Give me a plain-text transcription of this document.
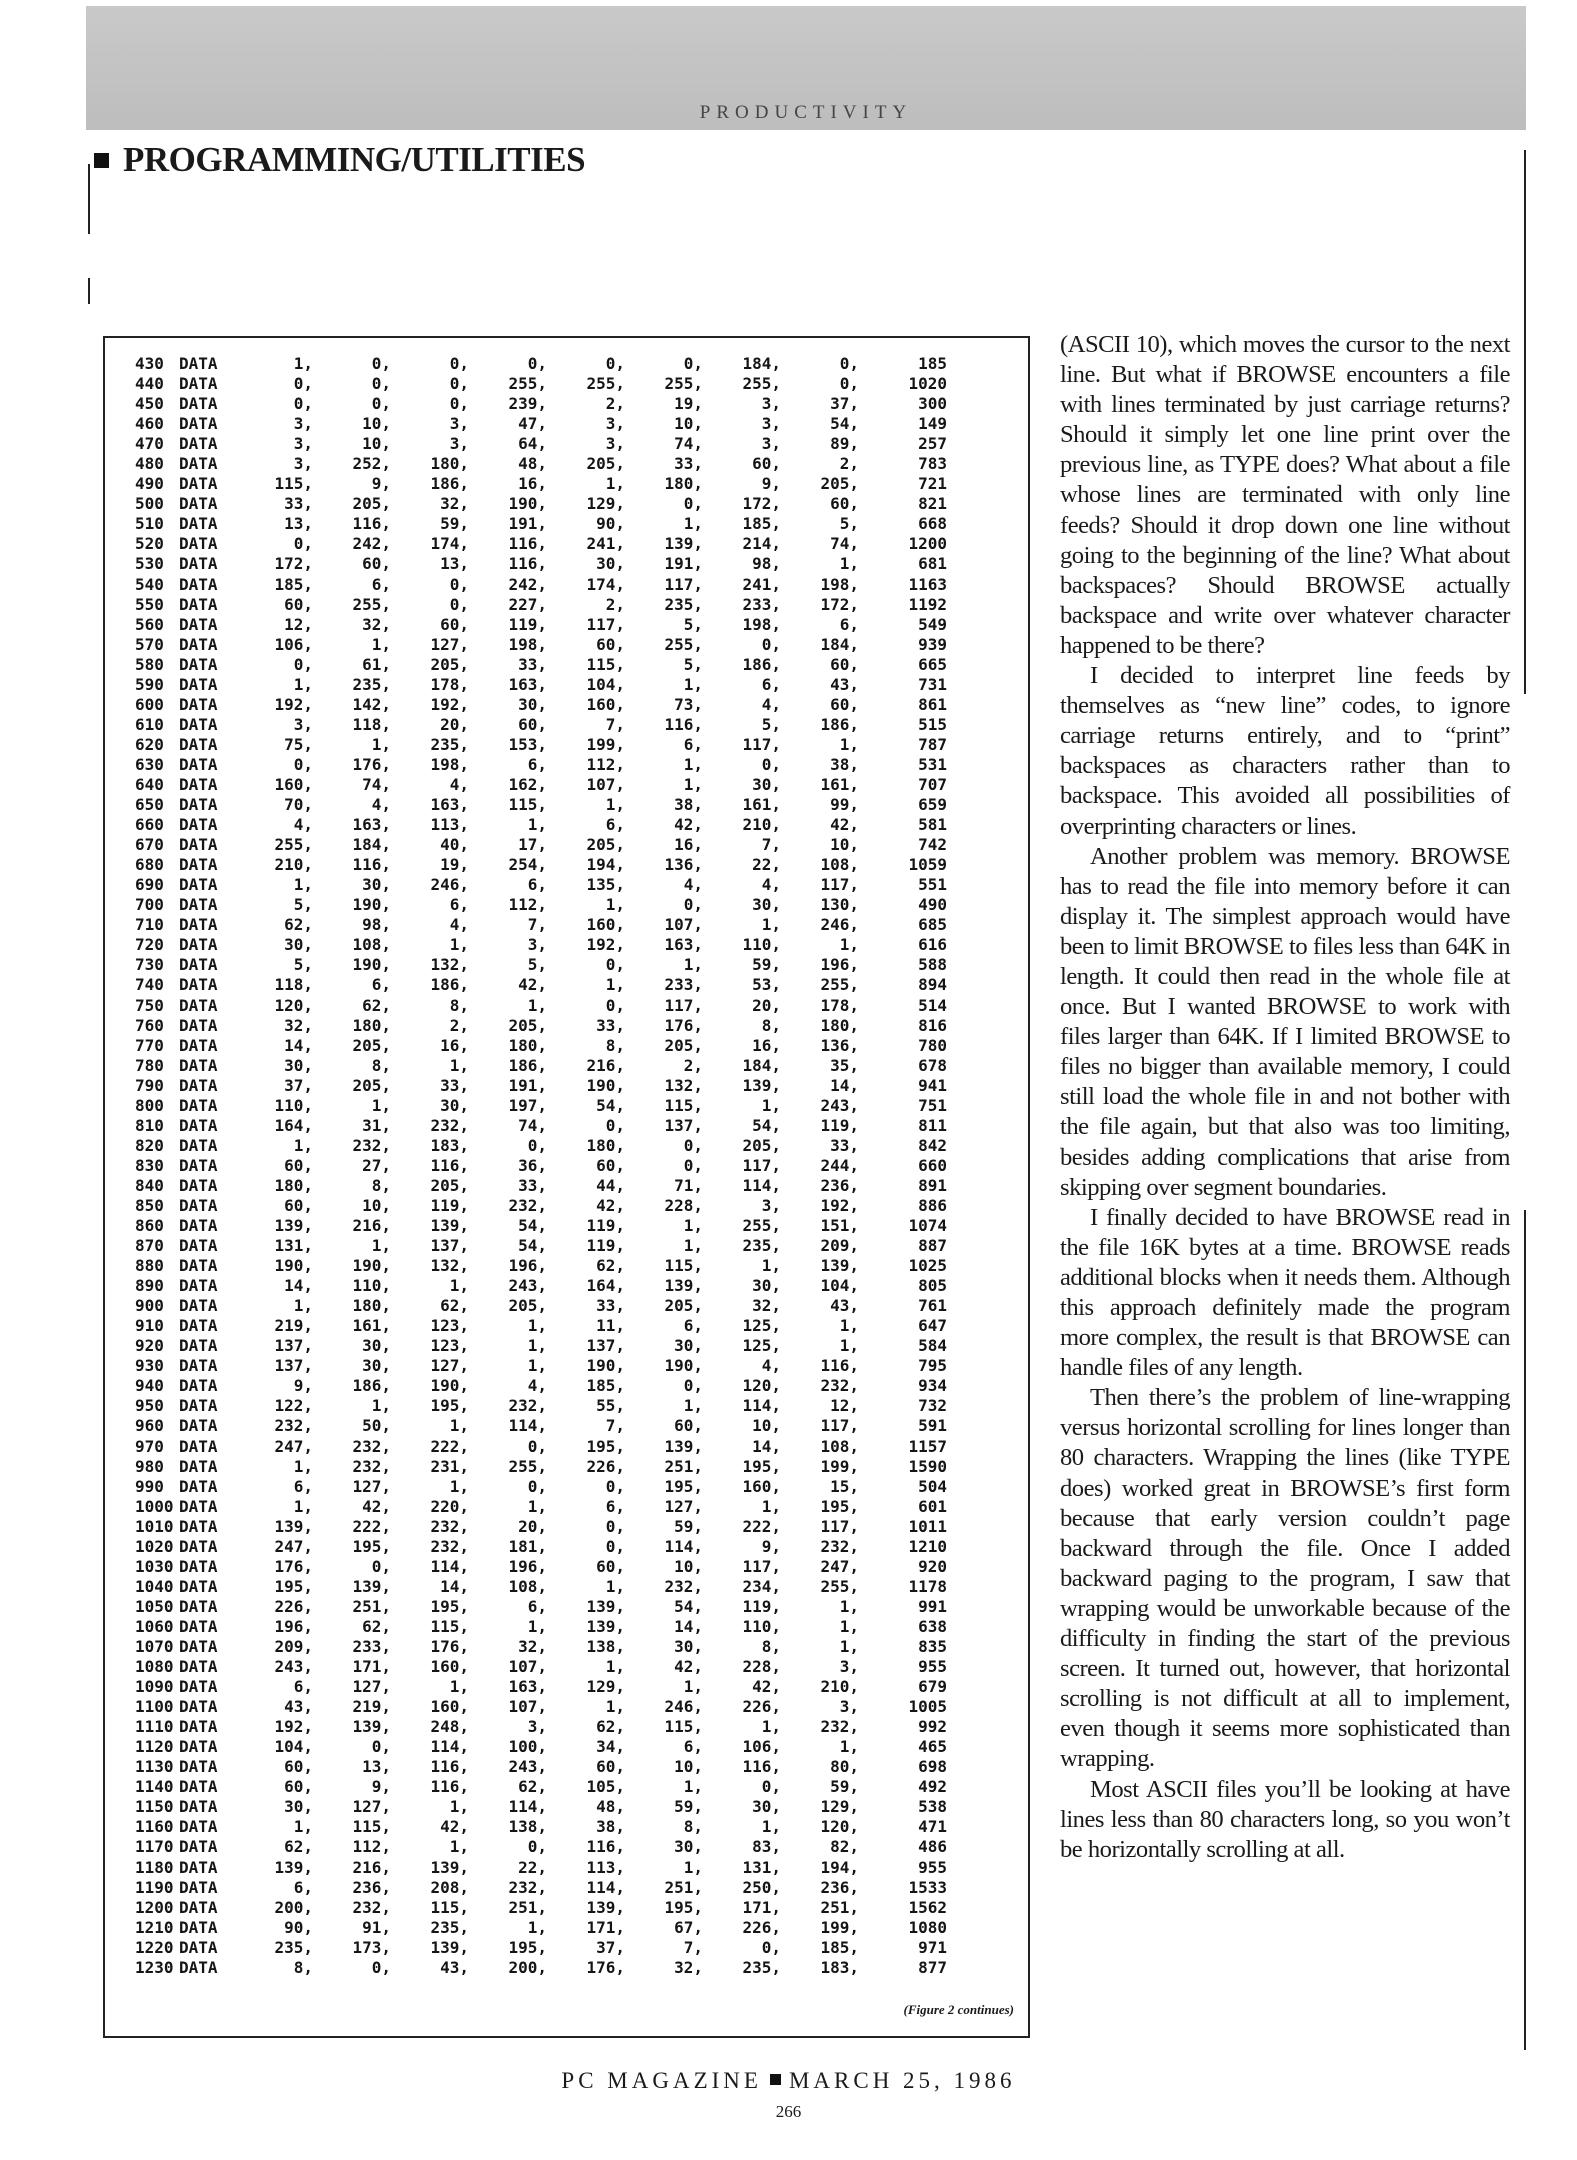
PRODUCTIVITY
PROGRAMMING/UTILITIES
430 DATA	1,	0,	0,	0,	0,	0,	184,	0,	185
440 DATA	0,	0,	0,	255,	255,	255,	255,	0,	1020
450 DATA	0,	0,	0,	239,	2,	19,	3,	37,	300
460 DATA	3,	10,	3,	47,	3,	10,	3,	54,	149
470 DATA	3,	10,	3,	64,	3,	74,	3,	89,	257
480 DATA	3,	252,	180,	48,	205,	33,	60,	2,	783
490 DATA	115,	9,	186,	16,	1,	180,	9,	205,	721
500 DATA	33,	205,	32,	190,	129,	0,	172,	60,	821
510 DATA	13,	116,	59,	191,	90,	1,	185,	5,	668
520 DATA	0,	242,	174,	116,	241,	139,	214,	74,	1200
530 DATA	172,	60,	13,	116,	30,	191,	98,	1,	681
540 DATA	185,	6,	0,	242,	174,	117,	241,	198,	1163
550 DATA	60,	255,	0,	227,	2,	235,	233,	172,	1192
560 DATA	12,	32,	60,	119,	117,	5,	198,	6,	549
570 DATA	106,	1,	127,	198,	60,	255,	0,	184,	939
580 DATA	0,	61,	205,	33,	115,	5,	186,	60,	665
590 DATA	1,	235,	178,	163,	104,	1,	6,	43,	731
600 DATA	192,	142,	192,	30,	160,	73,	4,	60,	861
610 DATA	3,	118,	20,	60,	7,	116,	5,	186,	515
620 DATA	75,	1,	235,	153,	199,	6,	117,	1,	787
630 DATA	0,	176,	198,	6,	112,	1,	0,	38,	531
640 DATA	160,	74,	4,	162,	107,	1,	30,	161,	707
650 DATA	70,	4,	163,	115,	1,	38,	161,	99,	659
660 DATA	4,	163,	113,	1,	6,	42,	210,	42,	581
670 DATA	255,	184,	40,	17,	205,	16,	7,	10,	742
680 DATA	210,	116,	19,	254,	194,	136,	22,	108,	1059
690 DATA	1,	30,	246,	6,	135,	4,	4,	117,	551
700 DATA	5,	190,	6,	112,	1,	0,	30,	130,	490
710 DATA	62,	98,	4,	7,	160,	107,	1,	246,	685
720 DATA	30,	108,	1,	3,	192,	163,	110,	1,	616
730 DATA	5,	190,	132,	5,	0,	1,	59,	196,	588
740 DATA	118,	6,	186,	42,	1,	233,	53,	255,	894
750 DATA	120,	62,	8,	1,	0,	117,	20,	178,	514
760 DATA	32,	180,	2,	205,	33,	176,	8,	180,	816
770 DATA	14,	205,	16,	180,	8,	205,	16,	136,	780
780 DATA	30,	8,	1,	186,	216,	2,	184,	35,	678
790 DATA	37,	205,	33,	191,	190,	132,	139,	14,	941
800 DATA	110,	1,	30,	197,	54,	115,	1,	243,	751
810 DATA	164,	31,	232,	74,	0,	137,	54,	119,	811
820 DATA	1,	232,	183,	0,	180,	0,	205,	33,	842
830 DATA	60,	27,	116,	36,	60,	0,	117,	244,	660
840 DATA	180,	8,	205,	33,	44,	71,	114,	236,	891
850 DATA	60,	10,	119,	232,	42,	228,	3,	192,	886
860 DATA	139,	216,	139,	54,	119,	1,	255,	151,	1074
870 DATA	131,	1,	137,	54,	119,	1,	235,	209,	887
880 DATA	190,	190,	132,	196,	62,	115,	1,	139,	1025
890 DATA	14,	110,	1,	243,	164,	139,	30,	104,	805
900 DATA	1,	180,	62,	205,	33,	205,	32,	43,	761
910 DATA	219,	161,	123,	1,	11,	6,	125,	1,	647
920 DATA	137,	30,	123,	1,	137,	30,	125,	1,	584
930 DATA	137,	30,	127,	1,	190,	190,	4,	116,	795
940 DATA	9,	186,	190,	4,	185,	0,	120,	232,	934
950 DATA	122,	1,	195,	232,	55,	1,	114,	12,	732
960 DATA	232,	50,	1,	114,	7,	60,	10,	117,	591
970 DATA	247,	232,	222,	0,	195,	139,	14,	108,	1157
980 DATA	1,	232,	231,	255,	226,	251,	195,	199,	1590
990 DATA	6,	127,	1,	0,	0,	195,	160,	15,	504
1000 DATA	1,	42,	220,	1,	6,	127,	1,	195,	601
1010 DATA	139,	222,	232,	20,	0,	59,	222,	117,	1011
1020 DATA	247,	195,	232,	181,	0,	114,	9,	232,	1210
1030 DATA	176,	0,	114,	196,	60,	10,	117,	247,	920
1040 DATA	195,	139,	14,	108,	1,	232,	234,	255,	1178
1050 DATA	226,	251,	195,	6,	139,	54,	119,	1,	991
1060 DATA	196,	62,	115,	1,	139,	14,	110,	1,	638
1070 DATA	209,	233,	176,	32,	138,	30,	8,	1,	835
1080 DATA	243,	171,	160,	107,	1,	42,	228,	3,	955
1090 DATA	6,	127,	1,	163,	129,	1,	42,	210,	679
1100 DATA	43,	219,	160,	107,	1,	246,	226,	3,	1005
1110 DATA	192,	139,	248,	3,	62,	115,	1,	232,	992
1120 DATA	104,	0,	114,	100,	34,	6,	106,	1,	465
1130 DATA	60,	13,	116,	243,	60,	10,	116,	80,	698
1140 DATA	60,	9,	116,	62,	105,	1,	0,	59,	492
1150 DATA	30,	127,	1,	114,	48,	59,	30,	129,	538
1160 DATA	1,	115,	42,	138,	38,	8,	1,	120,	471
1170 DATA	62,	112,	1,	0,	116,	30,	83,	82,	486
1180 DATA	139,	216,	139,	22,	113,	1,	131,	194,	955
1190 DATA	6,	236,	208,	232,	114,	251,	250,	236,	1533
1200 DATA	200,	232,	115,	251,	139,	195,	171,	251,	1562
1210 DATA	90,	91,	235,	1,	171,	67,	226,	199,	1080
1220 DATA	235,	173,	139,	195,	37,	7,	0,	185,	971
1230 DATA	8,	0,	43,	200,	176,	32,	235,	183,	877
(Figure 2 continues)

(ASCII 10), which moves the cursor to the next line. But what if BROWSE encounters a file with lines terminated by just carriage returns? Should it simply let one line print over the previous line, as TYPE does? What about a file whose lines are terminated with only line feeds? Should it drop down one line without going to the beginning of the line? What about backspaces? Should BROWSE actually backspace and write over whatever character happened to be there?

I decided to interpret line feeds by themselves as “new line” codes, to ignore carriage returns entirely, and to “print” backspaces as characters rather than to backspace. This avoided all possibilities of overprinting characters or lines.

Another problem was memory. BROWSE has to read the file into memory before it can display it. The simplest approach would have been to limit BROWSE to files less than 64K in length. It could then read in the whole file at once. But I wanted BROWSE to work with files larger than 64K. If I limited BROWSE to files no bigger than available memory, I could still load the whole file in and not bother with the file again, but that also was too limiting, besides adding complications that arise from skipping over segment boundaries.

I finally decided to have BROWSE read in the file 16K bytes at a time. BROWSE reads additional blocks when it needs them. Although this approach definitely made the program more complex, the result is that BROWSE can handle files of any length.

Then there’s the problem of line-wrapping versus horizontal scrolling for lines longer than 80 characters. Wrapping the lines (like TYPE does) worked great in BROWSE’s first form because that early version couldn’t page backward through the file. Once I added backward paging to the program, I saw that wrapping would be unworkable because of the difficulty in finding the start of the previous screen. It turned out, however, that horizontal scrolling is not difficult at all to implement, even though it seems more sophisticated than wrapping.

Most ASCII files you’ll be looking at have lines less than 80 characters long, so you won’t be horizontally scrolling at all.

PC MAGAZINE MARCH 25, 1986
266
